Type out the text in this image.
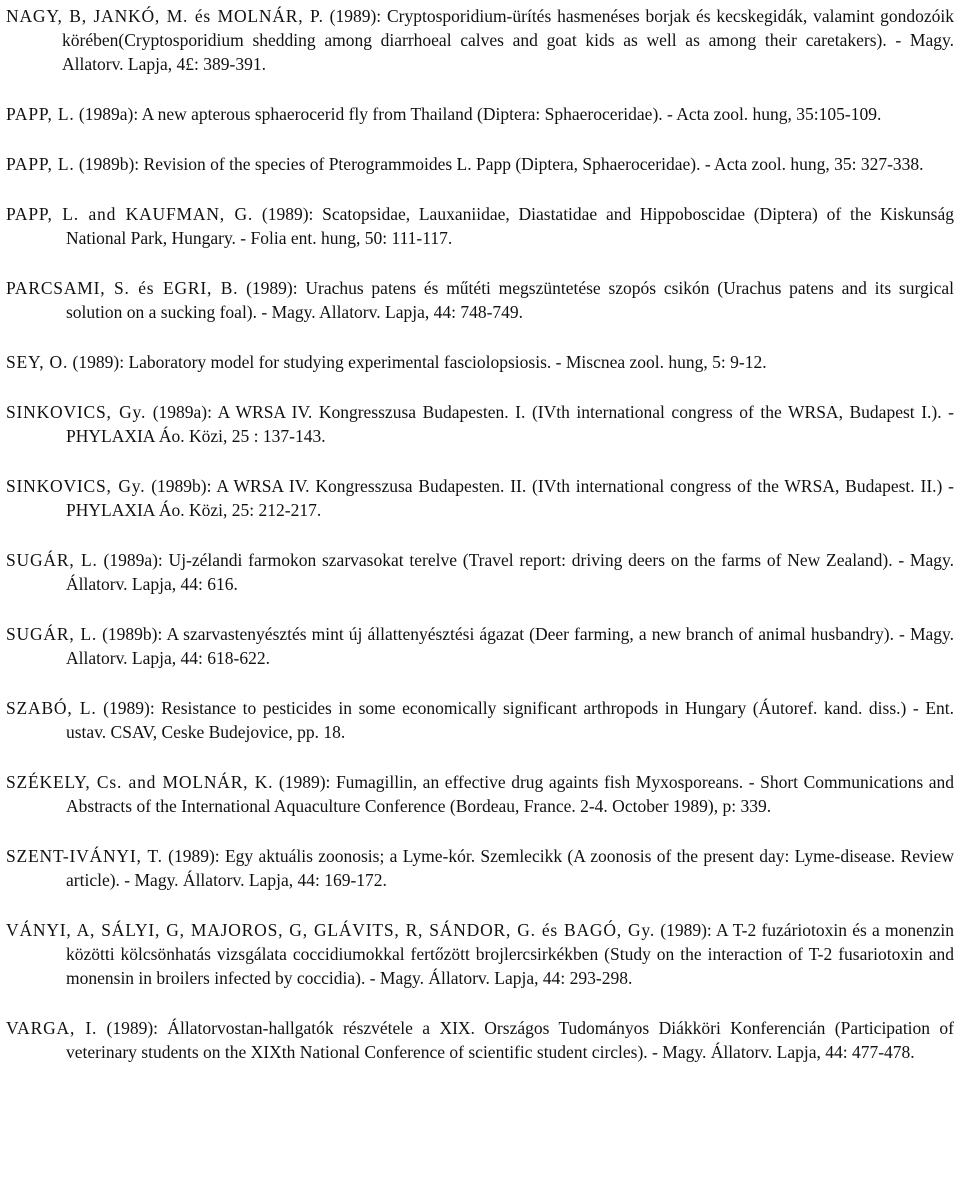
NAGY, B, JANKÓ, M. és MOLNÁR, P. (1989): Cryptosporidium-ürítés hasmenéses borjak és kecskegidák, valamint gondozóik körében(Cryptosporidium shedding among diarrhoeal calves and goat kids as well as among their caretakers). - Magy. Allatorv. Lapja, 4£: 389-391.

PAPP, L. (1989a): A new apterous sphaerocerid fly from Thailand (Diptera: Sphaeroceridae). - Acta zool. hung, 35:105-109.

PAPP, L. (1989b): Revision of the species of Pterogrammoides L. Papp (Diptera, Sphaeroceridae). - Acta zool. hung, 35: 327-338.

PAPP, L. and KAUFMAN, G. (1989): Scatopsidae, Lauxaniidae, Diastatidae and Hippoboscidae (Diptera) of the Kiskunság National Park, Hungary. - Folia ent. hung, 50: 111-117.

PARCSAMI, S. és EGRI, B. (1989): Urachus patens és műtéti megszüntetése szopós csikón (Urachus patens and its surgical solution on a sucking foal). - Magy. Allatorv. Lapja, 44: 748-749.

SEY, O. (1989): Laboratory model for studying experimental fasciolopsiosis. - Miscnea zool. hung, 5: 9-12.

SINKOVICS, Gy. (1989a): A WRSA IV. Kongresszusa Budapesten. I. (IVth international congress of the WRSA, Budapest I.). - PHYLAXIA Áo. Közi, 25 : 137-143.

SINKOVICS, Gy. (1989b): A WRSA IV. Kongresszusa Budapesten. II. (IVth international congress of the WRSA, Budapest. II.) - PHYLAXIA Áo. Közi, 25: 212-217.

SUGÁR, L. (1989a): Uj-zélandi farmokon szarvasokat terelve (Travel report: driving deers on the farms of New Zealand). - Magy. Állatorv. Lapja, 44: 616.

SUGÁR, L. (1989b): A szarvastenyésztés mint új állattenyésztési ágazat (Deer farming, a new branch of animal husbandry). - Magy. Allatorv. Lapja, 44: 618-622.

SZABÓ, L. (1989): Resistance to pesticides in some economically significant arthropods in Hungary (Áutoref. kand. diss.) - Ent. ustav. CSAV, Ceske Budejovice, pp. 18.

SZÉKELY, Cs. and MOLNÁR, K. (1989): Fumagillin, an effective drug againts fish Myxosporeans. - Short Communications and Abstracts of the International Aquaculture Conference (Bordeau, France. 2-4. October 1989), p: 339.

SZENT-IVÁNYI, T. (1989): Egy aktuális zoonosis; a Lyme-kór. Szemlecikk (A zoonosis of the present day: Lyme-disease. Review article). - Magy. Állatorv. Lapja, 44: 169-172.

VÁNYI, A, SÁLYI, G, MAJOROS, G, GLÁVITS, R, SÁNDOR, G. és BAGÓ, Gy. (1989): A T-2 fuzáriotoxin és a monenzin közötti kölcsönhatás vizsgálata coccidiumokkal fertőzött brojlercsirkékben (Study on the interaction of T-2 fusariotoxin and monensin in broilers infected by coccidia). - Magy. Állatorv. Lapja, 44: 293-298.

VARGA, I. (1989): Állatorvostan-hallgatók részvétele a XIX. Országos Tudományos Diákköri Konferencián (Participation of veterinary students on the XIXth National Conference of scientific student circles). - Magy. Állatorv. Lapja, 44: 477-478.
